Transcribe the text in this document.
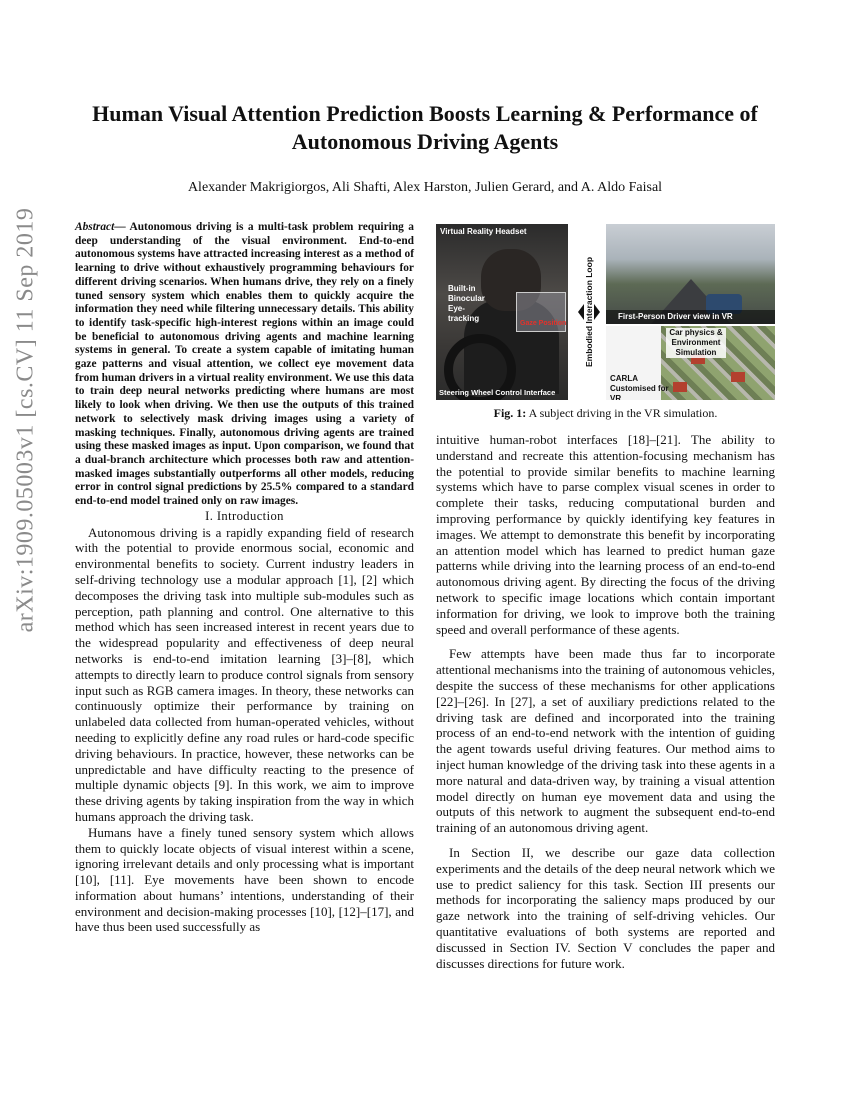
arXiv:1909.05003v1 [cs.CV] 11 Sep 2019
Human Visual Attention Prediction Boosts Learning & Performance of Autonomous Driving Agents

Alexander Makrigiorgos, Ali Shafti, Alex Harston, Julien Gerard, and A. Aldo Faisal

Abstract— Autonomous driving is a multi-task problem requiring a deep understanding of the visual environment. End-to-end autonomous systems have attracted increasing interest as a method of learning to drive without exhaustively programming behaviours for different driving scenarios. When humans drive, they rely on a finely tuned sensory system which enables them to quickly acquire the information they need while filtering unnecessary details. This ability to identify task-specific high-interest regions within an image could be beneficial to autonomous driving agents and machine learning systems in general. To create a system capable of imitating human gaze patterns and visual attention, we collect eye movement data from human drivers in a virtual reality environment. We use this data to train deep neural networks predicting where humans are most likely to look when driving. We then use the outputs of this trained network to selectively mask driving images using a variety of masking techniques. Finally, autonomous driving agents are trained using these masked images as input. Upon comparison, we found that a dual-branch architecture which processes both raw and attention-masked images substantially outperforms all other models, reducing error in control signal predictions by 25.5% compared to a standard end-to-end model trained only on raw images.

I. Introduction

Autonomous driving is a rapidly expanding field of research with the potential to provide enormous social, economic and environmental benefits to society. Current industry leaders in self-driving technology use a modular approach [1], [2] which decomposes the driving task into multiple sub-modules such as perception, path planning and control. One alternative to this method which has seen increased interest in recent years due to the widespread popularity and effectiveness of deep neural networks is end-to-end imitation learning [3]–[8], which attempts to directly learn to produce control signals from sensory input such as RGB camera images. In theory, these networks can continuously optimize their performance by training on unlabeled data collected from human-operated vehicles, without needing to explicitly define any road rules or hard-code specific driving behaviours. In practice, however, these networks can be unpredictable and have difficulty reacting to the presence of multiple dynamic objects [9]. In this work, we aim to improve these driving agents by taking inspiration from the way in which humans approach the driving task.

Humans have a finely tuned sensory system which allows them to quickly locate objects of visual interest within a scene, ignoring irrelevant details and only processing what is important [10], [11]. Eye movements have been shown to encode information about humans’ intentions, understanding of their environment and decision-making processes [10], [12]–[17], and have thus been used successfully as

Virtual Reality Headset
Built-in Binocular Eye-tracking
Gaze Position
Steering Wheel Control Interface
Embodied Interaction Loop	First-Person Driver view in VR
Car physics & Environment Simulation
CARLA Customised for VR
Fig. 1: A subject driving in the VR simulation.

intuitive human-robot interfaces [18]–[21]. The ability to understand and recreate this attention-focusing mechanism has the potential to provide similar benefits to machine learning systems which have to parse complex visual scenes in order to complete their tasks, reducing computational burden and improving performance by quickly identifying key features in images. We attempt to demonstrate this benefit by incorporating an attention model which has learned to predict human gaze patterns while driving into the learning process of an end-to-end autonomous driving agent. By directing the focus of the driving network to specific image locations which contain important information for driving, we look to improve both the training speed and overall performance of these agents.

Few attempts have been made thus far to incorporate attentional mechanisms into the training of autonomous vehicles, despite the success of these mechanisms for other applications [22]–[26]. In [27], a set of auxiliary predictions related to the driving task are defined and incorporated into the training process of an end-to-end network with the intention of guiding the agent towards useful driving features. Our method aims to inject human knowledge of the driving task into these agents in a more natural and data-driven way, by training a visual attention model directly on human eye movement data and using the outputs of this network to augment the subsequent end-to-end training of an autonomous driving agent.

In Section II, we describe our gaze data collection experiments and the details of the deep neural network which we use to predict saliency for this task. Section III presents our methods for incorporating the saliency maps produced by our gaze network into the training of self-driving vehicles. Our quantitative evaluations of both systems are reported and discussed in Section IV. Section V concludes the paper and discusses directions for future work.
